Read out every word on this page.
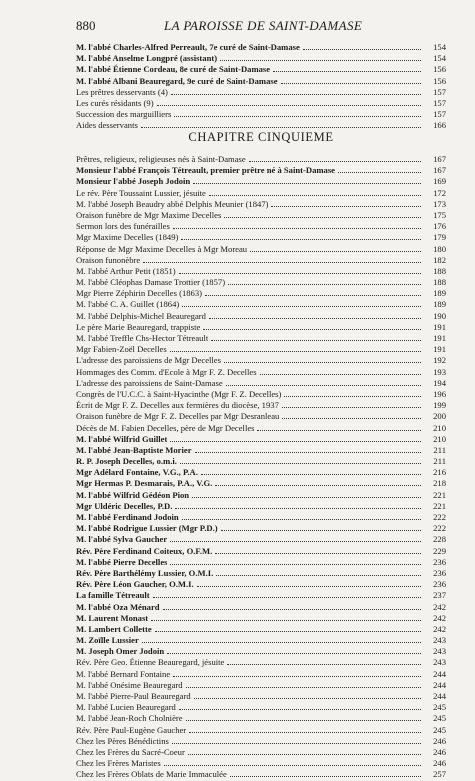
880	LA PAROISSE DE SAINT-DAMASE
M. l'abbé Charles-Alfred Perreault, 7e curé de Saint-Damase	154
M. l'abbé Anselme Longpré (assistant)	154
M. l'abbé Étienne Cordeau, 8e curé de Saint-Damase	156
M. l'abbé Albani Beauregard, 9e curé de Saint-Damase	156
Les prêtres desservants (4)	157
Les curés résidants (9)	157
Succession des marguilliers	157
Aides desservants	166
CHAPITRE CINQUIEME
Prêtres, religieux, religieuses nés à Saint-Damase	167
Monsieur l'abbé François Tétreault, premier prêtre né à Saint-Damase	167
Monsieur l'abbé Joseph Jodoin	169
Le rév. Père Toussaint Lussier, jésuite	172
M. l'abbé Joseph Beaudry abbé Delphis Meunier (1847)	173
Oraison funèbre de Mgr Maxime Decelles	175
Sermon lors des funérailles	176
Mgr Maxime Decelles (1849)	179
Réponse de Mgr Maxime Decelles à Mgr Moreau	180
Oraison funonèbre	182
M. l'abbé Arthur Petit (1851)	188
M. l'abbé Cléophas Damase Trottier (1857)	188
Mgr Pierre Zéphirin Decelles (1863)	189
M. l'abbé C. A. Guillet (1864)	189
M. l'abbé Delphis-Michel Beauregard	190
Le père Marie Beauregard, trappiste	191
M. l'abbé Treffle Chs-Hector Tétreault	191
Mgr Fabien-Zoël Decelles	191
L'adresse des paroissiens de Mgr Decelles	192
Hommages des Comm. d'Ecole à Mgr F. Z. Decelles	193
L'adresse des paroissiens de Saint-Damase	194
Congrès de l'U.C.C. à Saint-Hyacinthe (Mgr F. Z. Decelles)	196
Écrit de Mgr F. Z. Decelles aux fermières du diocèse, 1937	199
Oraison funèbre de Mgr F. Z. Decelles par Mgr Desranleau	200
Décès de M. Fabien Decelles, père de Mgr Decelles	210
M. l'abbé Wilfrid Guillet	210
M. l'abbé Jean-Baptiste Morier	211
R. P. Joseph Decelles, o.m.i.	211
Mgr Adélard Fontaine, V.G., P.A.	216
Mgr Hermas P. Desmarais, P.A., V.G.	218
M. l'abbé Wilfrid Gédéon Pion	221
Mgr Uldéric Decelles, P.D.	221
M. l'abbé Ferdinand Jodoin	222
M. l'abbé Rodrigue Lussier (Mgr P.D.)	222
M. l'abbé Sylva Gaucher	228
Rév. Père Ferdinand Coiteux, O.F.M.	229
M. l'abbé Pierre Decelles	236
Rév. Père Barthélémy Lussier, O.M.I.	236
Rév. Père Léon Gaucher, O.M.I.	236
La famille Tétreault	237
M. l'abbé Oza Ménard	242
M. Laurent Monast	242
M. Lambert Collette	242
M. Zoïlle Lussier	243
M. Joseph Omer Jodoin	243
Rév. Père Geo. Étienne Beauregard, jésuite	243
M. l'abbé Bernard Fontaine	244
M. l'abbé Onésime Beauregard	244
M. l'abbé Pierre-Paul Beauregard	244
M. l'abbé Lucien Beauregard	245
M. l'abbé Jean-Roch Cholnière	245
Rév. Père Paul-Eugène Gaucher	245
Chez les Pères Bénédictins	246
Chez les Frères du Sacré-Coeur	246
Chez les Frères Maristes	246
Chez les Frères Oblats de Marie Immaculée	257
